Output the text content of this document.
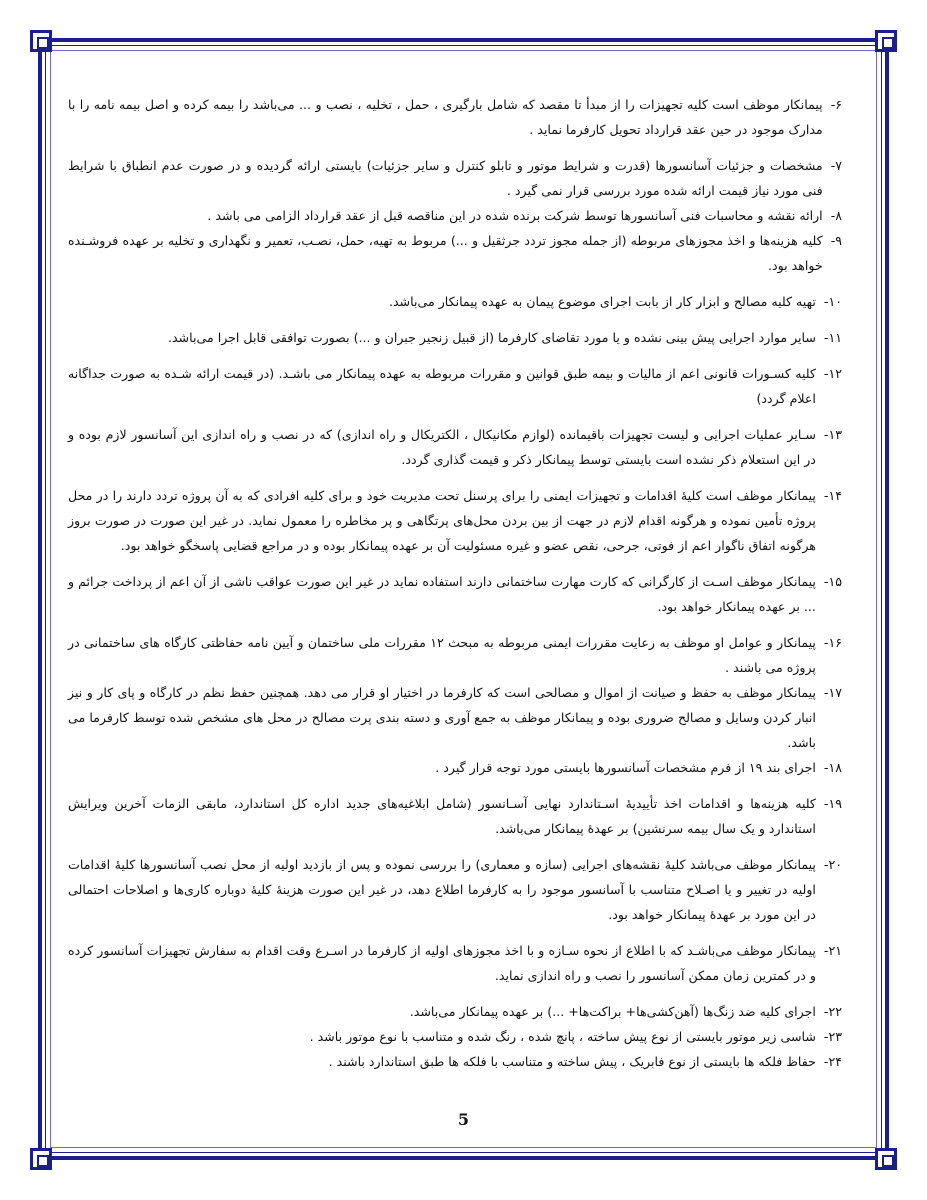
۶-
پیمانکار موظف است کلیه تجهیزات را از مبدأ تا مقصد که شامل بارگیری ، حمل ، تخلیه ، نصب و ... می‌باشد را بیمه کرده و اصل بیمه نامه را با مدارک موجود در حین عقد قرارداد تحویل کارفرما نماید .
۷-
مشخصات و جزئیات آسانسورها (قدرت و شرایط موتور و تابلو کنترل و سایر جزئیات) بایستی ارائه گردیده و در صورت عدم انطباق با شرایط فنی مورد نیاز قیمت ارائه شده مورد بررسی قرار نمی گیرد .
۸-
ارائه نقشه و محاسبات فنی آسانسورها توسط شرکت برنده شده در این مناقصه قبل از عقد قرارداد الزامی می باشد .
۹-
کلیه هزینه‌ها و اخذ مجوزهای مربوطه (از جمله مجوز تردد جرثقیل و ...) مربوط به تهیه، حمل، نصـب، تعمیر و نگهداری و تخلیه بر عهده فروشـنده خواهد بود.
۱۰-
تهیه کلیه مصالح و ابزار کار از بابت اجرای موضوع پیمان به عهده پیمانکار می‌باشد.
۱۱-
سایر موارد اجرایی پیش بینی نشده و یا مورد تقاضای کارفرما (از قبیل زنجیر جبران و ...) بصورت توافقی قابل اجرا می‌باشد.
۱۲-
کلیه کسـورات قانونی اعم از مالیات و بیمه طبق قوانین و مقررات مربوطه به عهده پیمانکار می باشـد. (در قیمت ارائه شـده به صورت جداگانه اعلام گردد)
۱۳-
سـایر عملیات اجرایی و لیست تجهیزات باقیمانده (لوازم مکانیکال ، الکتریکال و راه اندازی) که در نصب و راه اندازی این آسانسور لازم بوده و در این استعلام ذکر نشده است بایستی توسط پیمانکار ذکر و قیمت گذاری گردد.
۱۴-
پیمانکار موظف است کلیهٔ اقدامات و تجهیزات ایمنی را برای پرسنل تحت مدیریت خود و برای کلیه افرادی که به آن پروژه تردد دارند را در محل پروژه تأمین نموده و هرگونه اقدام لازم در جهت از بین بردن محل‌های پرتگاهی و پر مخاطره را معمول نماید. در غیر این صورت در صورت بروز هرگونه اتفاق ناگوار اعم از فوتی، جرحی، نقص عضو و غیره مسئولیت آن بر عهده پیمانکار بوده و در مراجع قضایی پاسخگو خواهد بود.
۱۵-
پیمانکار موظف اسـت از کارگرانی که کارت مهارت ساختمانی دارند استفاده نماید در غیر این صورت عواقب ناشی از آن اعم از پرداخت جرائم و ... بر عهده پیمانکار خواهد بود.
۱۶-
پیمانکار و عوامل او موظف به رعایت مقررات ایمنی مربوطه به مبحث ۱۲ مقررات ملی ساختمان و آیین نامه حفاظتی کارگاه های ساختمانی در پروژه می باشند .
۱۷-
پیمانکار موظف به حفظ و صیانت از اموال و مصالحی است که کارفرما در اختیار او قرار می دهد. همچنین حفظ نظم در کارگاه و پای کار و نیز انبار کردن وسایل و مصالح ضروری بوده و پیمانکار موظف به جمع آوری و دسته بندی پرت مصالح در محل های مشخص شده توسط کارفرما می باشد.
۱۸-
اجرای بند ۱۹ از فرم مشخصات آسانسورها بایستی مورد توجه قرار گیرد .
۱۹-
کلیه هزینه‌ها و اقدامات اخذ تأییدیهٔ اسـتاندارد نهایی آسـانسور (شامل ابلاغیه‌های جدید اداره کل استاندارد، مابقی الزمات آخرین ویرایش استاندارد و یک سال بیمه سرنشین) بر عهدهٔ پیمانکار می‌باشد.
۲۰-
پیمانکار موظف می‌باشد کلیهٔ نقشه‌های اجرایی (سازه و معماری) را بررسی نموده و پس از بازدید اولیه از محل نصب آسانسورها کلیهٔ اقدامات اولیه در تغییر و یا اصـلاح متناسب با آسانسور موجود را به کارفرما اطلاع دهد، در غیر این صورت هزینهٔ کلیهٔ دوباره کاری‌ها و اصلاحات احتمالی در این مورد بر عهدهٔ پیمانکار خواهد بود.
۲۱-
پیمانکار موظف می‌باشـد که با اطلاع از نحوه سـازه و با اخذ مجوزهای اولیه از کارفرما در اسـرع وقت اقدام به سفارش تجهیزات آسانسور کرده و در کمترین زمان ممکن آسانسور را نصب و راه اندازی نماید.
۲۲-
اجرای کلیه ضد زنگ‌ها (آهن‌کشی‌ها+ براکت‌ها+ ...) بر عهده پیمانکار می‌باشد.
۲۳-
شاسی زیر موتور بایستی از نوع پیش ساخته ، پانچ شده ، رنگ شده و متناسب با نوع موتور باشد .
۲۴-
حفاظ فلکه ها بایستی از نوع فابریک ، پیش ساخته و متناسب با فلکه ها طبق استاندارد باشند .
5
